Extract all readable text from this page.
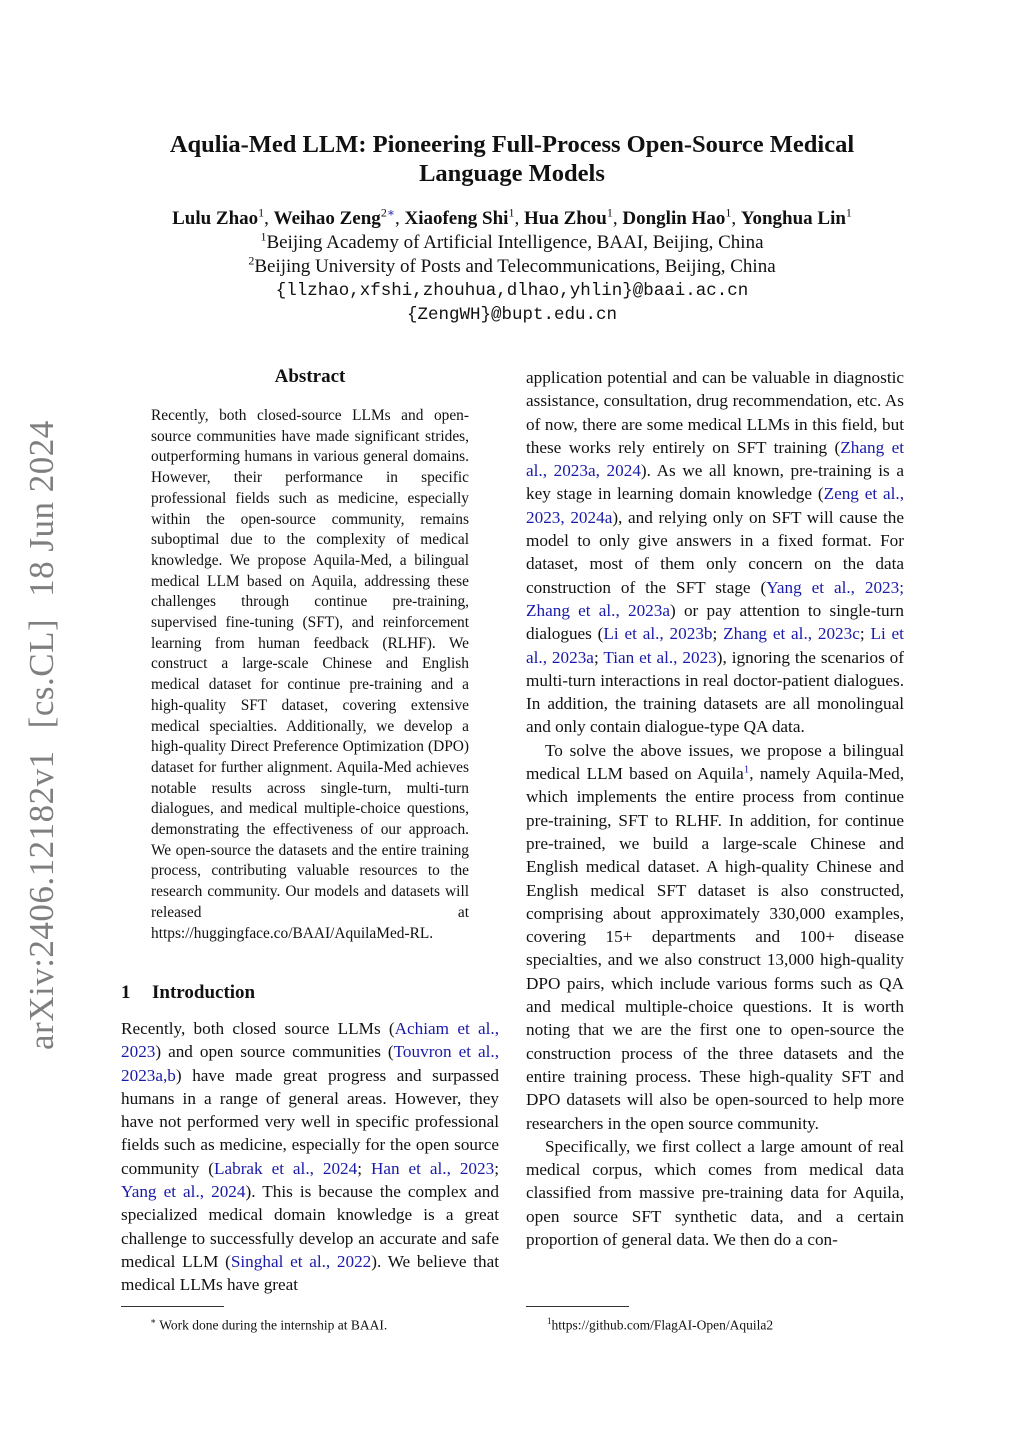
arXiv:2406.12182v1[cs.CL]18 Jun 2024
Aqulia-Med LLM: Pioneering Full-Process Open-Source Medical
Language Models
Lulu Zhao$^1$, Weihao Zeng$^{2∗}$, Xiaofeng Shi$^1$, Hua Zhou$^1$, Donglin Hao$^1$, Yonghua Lin$^1$
$^1$Beijing Academy of Artificial Intelligence, BAAI, Beijing, China
$^2$Beijing University of Posts and Telecommunications, Beijing, China
{llzhao,xfshi,zhouhua,dlhao,yhlin}@baai.ac.cn
{ZengWH}@bupt.edu.cn
Abstract
Recently, both closed-source LLMs and open-source communities have made significant strides, outperforming humans in various general domains. However, their performance in specific professional fields such as medicine, especially within the open-source community, remains suboptimal due to the complexity of medical knowledge. We propose Aquila-Med, a bilingual medical LLM based on Aquila, addressing these challenges through continue pre-training, supervised fine-tuning (SFT), and reinforcement learning from human feedback (RLHF). We construct a large-scale Chinese and English medical dataset for continue pre-training and a high-quality SFT dataset, covering extensive medical specialties. Additionally, we develop a high-quality Direct Preference Optimization (DPO) dataset for further alignment. Aquila-Med achieves notable results across single-turn, multi-turn dialogues, and medical multiple-choice questions, demonstrating the effectiveness of our approach. We open-source the datasets and the entire training process, contributing valuable resources to the research community. Our models and datasets will released at https://huggingface.co/BAAI/AquilaMed-RL.
1 Introduction

Recently, both closed source LLMs (Achiam et al., 2023) and open source communities (Touvron et al., 2023a,b) have made great progress and surpassed humans in a range of general areas. However, they have not performed very well in specific professional fields such as medicine, especially for the open source community (Labrak et al., 2024; Han et al., 2023; Yang et al., 2024). This is because the complex and specialized medical domain knowledge is a great challenge to successfully develop an accurate and safe medical LLM (Singhal et al., 2022). We believe that medical LLMs have great

application potential and can be valuable in diagnostic assistance, consultation, drug recommendation, etc. As of now, there are some medical LLMs in this field, but these works rely entirely on SFT training (Zhang et al., 2023a, 2024). As we all known, pre-training is a key stage in learning domain knowledge (Zeng et al., 2023, 2024a), and relying only on SFT will cause the model to only give answers in a fixed format. For dataset, most of them only concern on the data construction of the SFT stage (Yang et al., 2023; Zhang et al., 2023a) or pay attention to single-turn dialogues (Li et al., 2023b; Zhang et al., 2023c; Li et al., 2023a; Tian et al., 2023), ignoring the scenarios of multi-turn interactions in real doctor-patient dialogues. In addition, the training datasets are all monolingual and only contain dialogue-type QA data.

To solve the above issues, we propose a bilingual medical LLM based on Aquila$^1$, namely Aquila-Med, which implements the entire process from continue pre-training, SFT to RLHF. In addition, for continue pre-trained, we build a large-scale Chinese and English medical dataset. A high-quality Chinese and English medical SFT dataset is also constructed, comprising about approximately 330,000 examples, covering 15+ departments and 100+ disease specialties, and we also construct 13,000 high-quality DPO pairs, which include various forms such as QA and medical multiple-choice questions. It is worth noting that we are the first one to open-source the construction process of the three datasets and the entire training process. These high-quality SFT and DPO datasets will also be open-sourced to help more researchers in the open source community.

Specifically, we first collect a large amount of real medical corpus, which comes from medical data classified from massive pre-training data for Aquila, open source SFT synthetic data, and a certain proportion of general data. We then do a con-

∗ Work done during the internship at BAAI.	$^1$https://github.com/FlagAI-Open/Aquila2
